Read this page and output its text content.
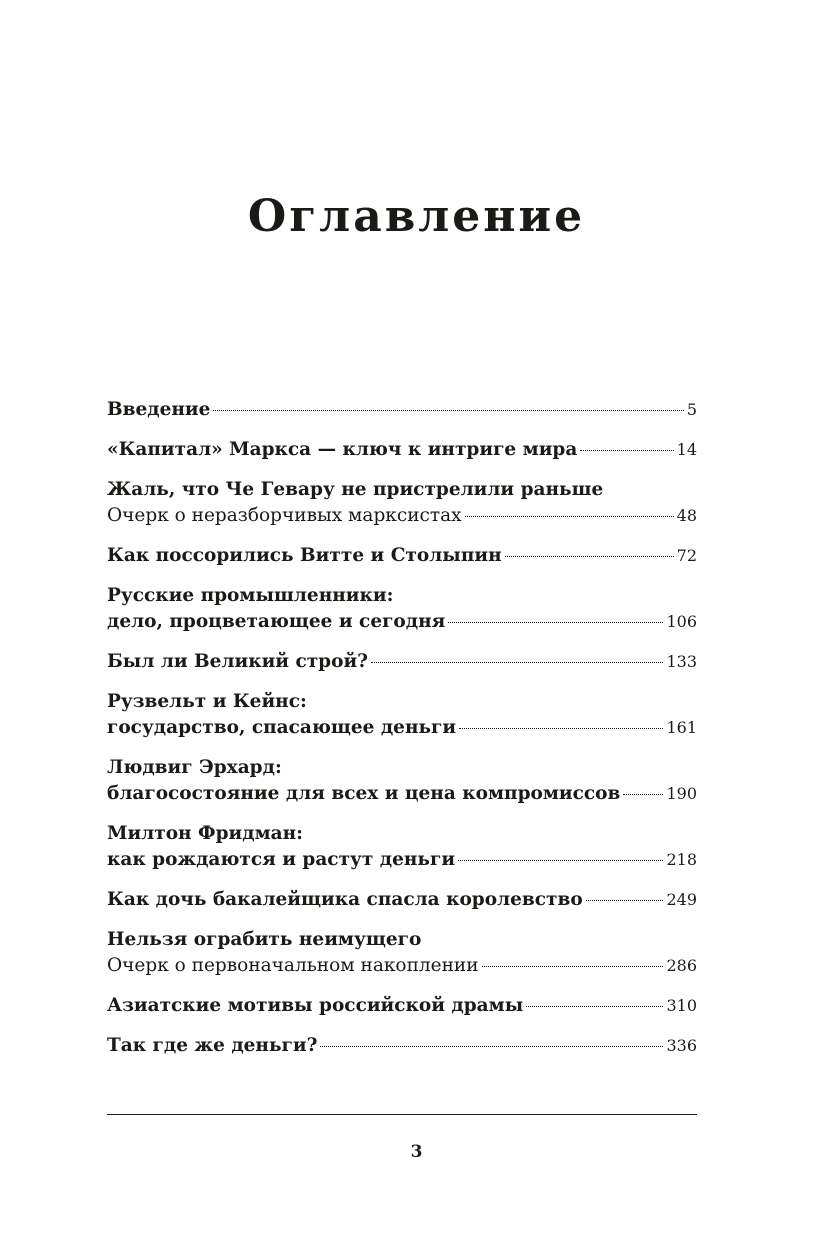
Оглавление
Введение	5
«Капитал» Маркса — ключ к интриге мира	14
Жаль, что Че Гевару не пристрелили раньше
Очерк о неразборчивых марксистах	48
Как поссорились Витте и Столыпин	72
Русские промышленники:
дело, процветающее и сегодня	106
Был ли Великий строй?	133
Рузвельт и Кейнс:
государство, спасающее деньги	161
Людвиг Эрхард:
благосостояние для всех и цена компромиссов	190
Милтон Фридман:
как рождаются и растут деньги	218
Как дочь бакалейщика спасла королевство	249
Нельзя ограбить неимущего
Очерк о первоначальном накоплении	286
Азиатские мотивы российской драмы	310
Так где же деньги?	336
3
